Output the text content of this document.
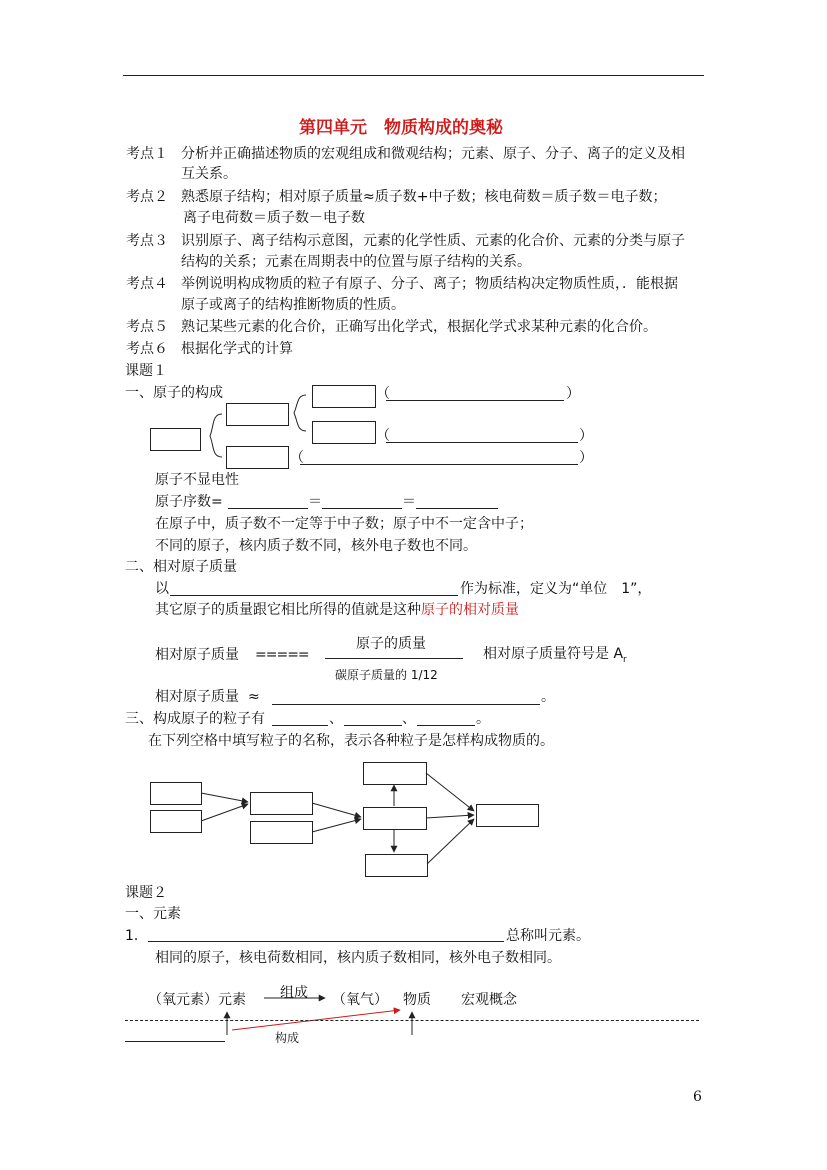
第四单元　物质构成的奥秘
考点１ 分析并正确描述物质的宏观组成和微观结构；元素、原子、分子、离子的定义及相
互关系。
考点２ 熟悉原子结构；相对原子质量≈质子数+中子数；核电荷数＝质子数＝电子数；
离子电荷数＝质子数－电子数
考点３ 识别原子、离子结构示意图，元素的化学性质、元素的化合价、元素的分类与原子
结构的关系；元素在周期表中的位置与原子结构的关系。
考点４ 举例说明构成物质的粒子有原子、分子、离子；物质结构决定物质性质，．能根据
原子或离子的结构推断物质的性质。
考点５ 熟记某些元素的化合价，正确写出化学式，根据化学式求某种元素的化合价。
考点６ 根据化学式的计算
课题１
一、原子的构成	（	）
（	）
（	）
原子不显电性
原子序数=	＝	＝
在原子中，质子数不一定等于中子数；原子中不一定含中子；
不同的原子，核内质子数不同，核外电子数也不同。
二、相对原子质量
以	作为标准，定义为“单位　1”，
其它原子的质量跟它相比所得的值就是这种原子的相对质量
相对原子质量 =====
原子的质量
碳原子质量的 1/12
相对原子质量符号是 $A_r$
相对原子质量 ≈	。
三、构成原子的粒子有	、	、	。
在下列空格中填写粒子的名称，表示各种粒子是怎样构成物质的。
课题２
一、元素
1．	总称叫元素。
相同的原子，核电荷数相同，核内质子数相同，核外电子数相同。
（氧元素）元素 组成 （氧气） 物质 宏观概念
构成
6
